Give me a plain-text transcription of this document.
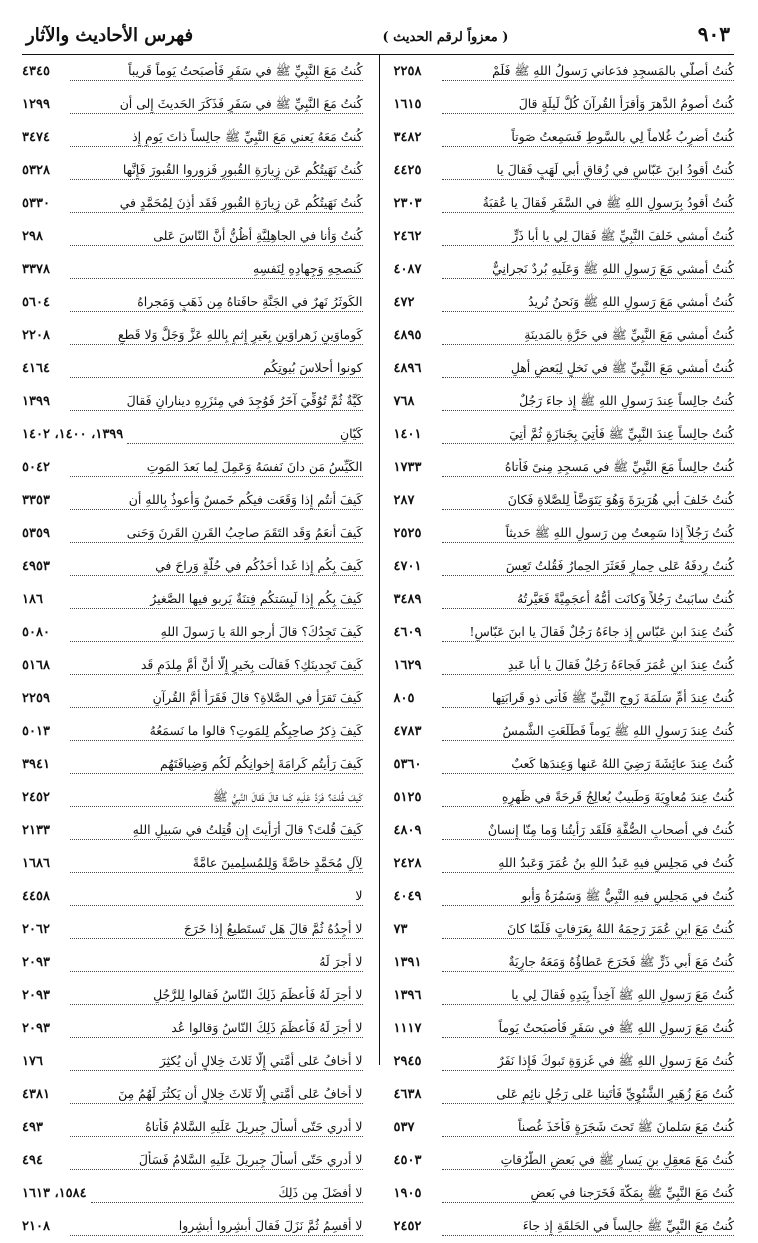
٩٠٣
( معزواً لرقم الحديث )
فهرس الأحاديث والآثار
كُنتُ أُصلّي بالمَسجِدِ فدَعاني رَسولُ اللهِ ﷺ فَلَمْ
٢٢٥٨
كُنتُ أَصومُ الدَّهرَ وَأَقرَأُ القُرآنَ كُلَّ لَيلَةٍ قالَ
١٦١٥
كُنتُ أَضرِبُ غُلاماً لِي بالسَّوطِ فَسَمِعتُ صَوتاً
٣٤٨٢
كُنتُ أَقودُ ابنَ عَبّاسٍ في زُقاقِ أَبي لَهَبٍ فَقالَ يا
٤٤٢٥
كُنتُ أَقودُ بِرَسولِ اللهِ ﷺ في السَّفَرِ فَقالَ يا عُقبَةُ
٢٣٠٣
كُنتُ أَمشي خَلفَ النَّبِيِّ ﷺ فَقالَ لِي يا أَبا ذَرٍّ
٢٤٦٢
كُنتُ أَمشي مَعَ رَسولِ اللهِ ﷺ وَعَلَيهِ بُردٌ نَجرانِيٌّ
٤٠٨٧
كُنتُ أَمشي مَعَ رَسولِ اللهِ ﷺ وَنَحنُ نُريدُ
٤٧٢
كُنتُ أَمشي مَعَ النَّبِيِّ ﷺ في حَرَّةِ بالمَدينَةِ
٤٨٩٥
كُنتُ أَمشي مَعَ النَّبِيِّ ﷺ في نَخلٍ لِبَعضِ أَهلِ
٤٨٩٦
كُنتُ جالِساً عِندَ رَسولِ اللهِ ﷺ إِذ جاءَ رَجُلٌ
٧٦٨
كُنتُ جالِساً عِندَ النَّبِيِّ ﷺ فَأُتِيَ بِجَنازَةٍ ثُمَّ أُتِيَ
١٤٠١
كُنتُ جالِساً مَعَ النَّبِيِّ ﷺ في مَسجِدِ مِنىً فَأَتاهُ
١٧٣٣
كُنتُ خَلفَ أَبي هُرَيرَةَ وَهُوَ يَتَوَضَّأُ لِلصَّلاةِ فَكانَ
٢٨٧
كُنتُ رَجُلاً إِذا سَمِعتُ مِن رَسولِ اللهِ ﷺ حَديثاً
٢٥٢٥
كُنتُ رِدفَهُ عَلى حِمارٍ فَعَثَرَ الحِمارُ فَقُلتُ تَعِسَ
٤٧٠١
كُنتُ سابَبتُ رَجُلاً وَكانَت أُمُّهُ أَعجَمِيَّةً فَعَيَّرتُهُ
٣٤٨٩
كُنتُ عِندَ ابنِ عَبّاسٍ إِذ جاءَهُ رَجُلٌ فَقالَ يا ابنَ عَبّاسٍ!
٤٦٠٩
كُنتُ عِندَ ابنِ عُمَرَ فَجاءَهُ رَجُلٌ فَقالَ يا أَبا عَبدِ
١٦٢٩
كُنتُ عِندَ أُمِّ سَلَمَةَ زَوجِ النَّبِيِّ ﷺ فَأَتى ذو قَرابَتِها
٨٠٥
كُنتُ عِندَ رَسولِ اللهِ ﷺ يَوماً فَطَلَعَتِ الشَّمسُ
٤٧٨٣
كُنتُ عِندَ عائِشَةَ رَضِيَ اللهُ عَنها وَعِندَها كَعبٌ
٥٣٦٠
كُنتُ عِندَ مُعاوِيَةَ وَطَبيبٌ يُعالِجُ قَرحَةً في ظَهرِهِ
٥١٢٥
كُنتُ في أَصحابِ الصُّفَّةِ فَلَقَد رَأَيتُنا وَما مِنّا إِنسانٌ
٤٨٠٩
كُنتُ في مَجلِسٍ فيهِ عَبدُ اللهِ بنُ عُمَرَ وَعَبدُ اللهِ
٢٤٢٨
كُنتُ في مَجلِسٍ فيهِ النَّبِيُّ ﷺ وَسَمُرَةُ وَأَبو
٤٠٤٩
كُنتُ مَعَ ابنِ عُمَرَ رَحِمَهُ اللهُ بِعَرَفاتٍ فَلَمّا كانَ
٧٣
كُنتُ مَعَ أَبي ذَرٍّ ﷺ فَخَرَجَ عَطاؤُهُ وَمَعَهُ جارِيَةٌ
١٣٩١
كُنتُ مَعَ رَسولِ اللهِ ﷺ آخِذاً بِيَدِهِ فَقالَ لِي يا
١٣٩٦
كُنتُ مَعَ رَسولِ اللهِ ﷺ في سَفَرٍ فَأَصبَحتُ يَوماً
١١١٧
كُنتُ مَعَ رَسولِ اللهِ ﷺ في غَزوَةِ تَبوكَ فَإِذا نَفَرٌ
٢٩٤٥
كُنتُ مَعَ زُهَيرٍ الشَّنُوِيِّ فَأَتَينا عَلى رَجُلٍ نائِمٍ عَلى
٤٦٣٨
كُنتُ مَعَ سَلمانَ ﷺ تَحتَ شَجَرَةٍ فَأَخَذَ غُصناً
٥٣٧
كُنتُ مَعَ مَعقِلِ بنِ يَسارٍ ﷺ في بَعضِ الطُّرُقاتِ
٤٥٠٣
كُنتُ مَعَ النَّبِيِّ ﷺ بِمَكَّةَ فَخَرَجنا في بَعضِ
١٩٠٥
كُنتُ مَعَ النَّبِيِّ ﷺ جالِساً في الحَلقَةِ إِذ جاءَ
٢٤٥٢
كُنتُ مَعَ النَّبِيِّ ﷺ في سَفَرٍ فَأَصبَحتُ يَوماً قَريباً
٤٣٤٥
كُنتُ مَعَ النَّبِيِّ ﷺ في سَفَرٍ فَذَكَرَ الحَديثَ إِلى أَن
١٢٩٩
كُنتُ مَعَهُ يَعني مَعَ النَّبِيِّ ﷺ جالِساً ذاتَ يَومٍ إِذ
٣٤٧٤
كُنتُ نَهَيتُكُم عَن زِيارَةِ القُبورِ فَزوروا القُبورَ فَإِنَّها
٥٣٢٨
كُنتُ نَهَيتُكُم عَن زِيارَةِ القُبورِ فَقَد أُذِنَ لِمُحَمَّدٍ في
٥٣٣٠
كُنتُ وَأَنا في الجاهِلِيَّةِ أَظُنُّ أَنَّ النّاسَ عَلى
٢٩٨
كَنصحِهِ وَجِهادِهِ لِنَفسِهِ
٣٣٧٨
الكَوثَرُ نَهرٌ في الجَنَّةِ حافَتاهُ مِن ذَهَبٍ وَمَجراهُ
٥٦٠٤
كَوماوَينِ زَهراوَينِ بِغَيرِ إِثمٍ بِاللهِ عَزَّ وَجَلَّ وَلا قَطعِ
٢٢٠٨
كونوا أَحلاسَ بُيوتِكُم
٤١٦٤
كَيَّةٌ ثُمَّ تُوُفِّيَ آخَرُ فَوُجِدَ في مِئزَرِهِ دينارانِ فَقالَ
١٣٩٩
كَيّانِ
١٣٩٩، ١٤٠٠، ١٤٠٢
الكَيِّسُ مَن دانَ نَفسَهُ وَعَمِلَ لِما بَعدَ المَوتِ
٥٠٤٢
كَيفَ أَنتُم إِذا وَقَعَت فيكُم خَمسٌ وَأَعوذُ بِاللهِ أَن
٣٣٥٣
كَيفَ أَنعَمُ وَقَد التَقَمَ صاحِبُ القَرنِ القَرنَ وَحَنى
٥٣٥٩
كَيفَ بِكُم إِذا غَدا أَحَدُكُم في حُلَّةٍ وَراحَ في
٤٩٥٣
كَيفَ بِكُم إِذا لَبِسَتكُم فِتنَةٌ يَربو فيها الصَّغيرُ
١٨٦
كَيفَ تَجِدُكَ؟ قالَ أَرجو اللهَ يا رَسولَ اللهِ
٥٠٨٠
كَيفَ تَجِدينَكِ؟ فَقالَت بِخَيرٍ إِلّا أَنَّ أُمَّ مِلدَمٍ قَد
٥١٦٨
كَيفَ تَقرَأُ في الصَّلاةِ؟ قالَ فَقَرَأَ أُمَّ القُرآنِ
٢٢٥٩
كَيفَ ذِكرُ صاحِبِكُم لِلمَوتِ؟ قالوا ما نَسمَعُهُ
٥٠١٣
كَيفَ رَأَيتُم كَرامَةَ إِخوانِكُم لَكُم وَضِيافَتَهُم
٣٩٤١
كَيفَ قُلتَ؟ فَرَدَّ عَلَيهِ كَما قالَ فَقالَ النَّبِيُّ ﷺ
٢٤٥٢
كَيفَ قُلتَ؟ قالَ أَرَأَيتَ إِن قُتِلتُ في سَبيلِ اللهِ
٢١٣٣
لِآلِ مُحَمَّدٍ خاصَّةً وَلِلمُسلِمينَ عامَّةً
١٦٨٦
لا
٤٤٥٨
لا أَجِدُهُ ثُمَّ قالَ هَل تَستَطيعُ إِذا خَرَجَ
٢٠٦٢
لا أَجرَ لَهُ
٢٠٩٣
لا أَجرَ لَهُ فَأَعظَمَ ذَلِكَ النّاسُ فَقالوا لِلرَّجُلِ
٢٠٩٣
لا أَجرَ لَهُ فَأَعظَمَ ذَلِكَ النّاسُ وَقالوا عُد
٢٠٩٣
لا أَخافُ عَلى أُمَّتي إِلّا ثَلاثَ خِلالٍ أَن يُكثِرَ
١٧٦
لا أَخافُ عَلى أُمَّتي إِلّا ثَلاثَ خِلالٍ أَن يَكثُرَ لَهُمُ مِنَ
٤٣٨١
لا أَدري حَتّى أَسأَلَ جِبريلَ عَلَيهِ السَّلامُ فَأَتاهُ
٤٩٣
لا أَدري حَتّى أَسأَلَ جِبريلَ عَلَيهِ السَّلامُ فَسَأَلَ
٤٩٤
لا أَفضَلَ مِن ذَلِكَ
١٥٨٤، ١٦١٣
لا أُقسِمُ ثُمَّ نَزَلَ فَقالَ أَبشِروا أَبشِروا
٢١٠٨
